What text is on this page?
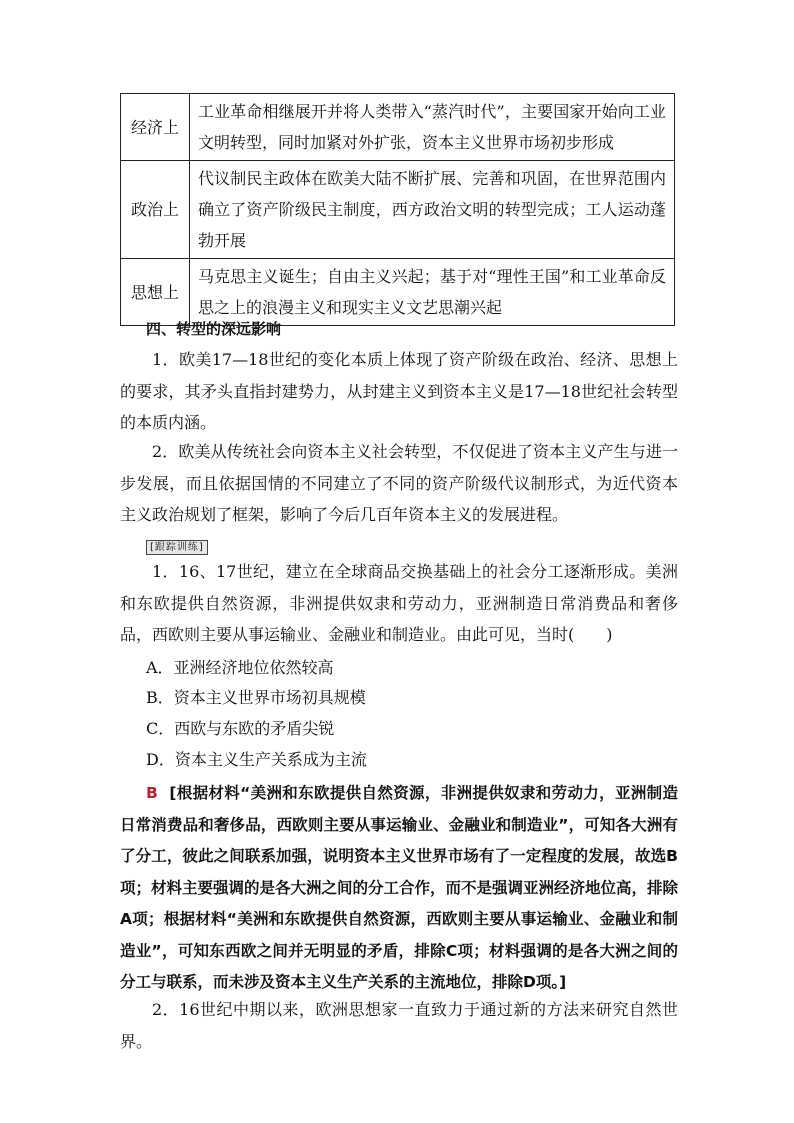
经济上	工业革命相继展开并将人类带入“蒸汽时代”，主要国家开始向工业文明转型，同时加紧对外扩张，资本主义世界市场初步形成
政治上	代议制民主政体在欧美大陆不断扩展、完善和巩固，在世界范围内确立了资产阶级民主制度，西方政治文明的转型完成；工人运动蓬勃开展
思想上	马克思主义诞生；自由主义兴起；基于对“理性王国”和工业革命反思之上的浪漫主义和现实主义文艺思潮兴起
四、转型的深远影响
1．欧美17—18世纪的变化本质上体现了资产阶级在政治、经济、思想上的要求，其矛头直指封建势力，从封建主义到资本主义是17—18世纪社会转型的本质内涵。
2．欧美从传统社会向资本主义社会转型，不仅促进了资本主义产生与进一步发展，而且依据国情的不同建立了不同的资产阶级代议制形式，为近代资本主义政治规划了框架，影响了今后几百年资本主义的发展进程。
[跟踪训练]
1．16、17世纪，建立在全球商品交换基础上的社会分工逐渐形成。美洲和东欧提供自然资源，非洲提供奴隶和劳动力，亚洲制造日常消费品和奢侈品，西欧则主要从事运输业、金融业和制造业。由此可见，当时(　　)
A．亚洲经济地位依然较高
B．资本主义世界市场初具规模
C．西欧与东欧的矛盾尖锐
D．资本主义生产关系成为主流
B [根据材料“美洲和东欧提供自然资源，非洲提供奴隶和劳动力，亚洲制造日常消费品和奢侈品，西欧则主要从事运输业、金融业和制造业”，可知各大洲有了分工，彼此之间联系加强，说明资本主义世界市场有了一定程度的发展，故选B项；材料主要强调的是各大洲之间的分工合作，而不是强调亚洲经济地位高，排除A项；根据材料“美洲和东欧提供自然资源，西欧则主要从事运输业、金融业和制造业”，可知东西欧之间并无明显的矛盾，排除C项；材料强调的是各大洲之间的分工与联系，而未涉及资本主义生产关系的主流地位，排除D项。]
2．16世纪中期以来，欧洲思想家一直致力于通过新的方法来研究自然世界。
